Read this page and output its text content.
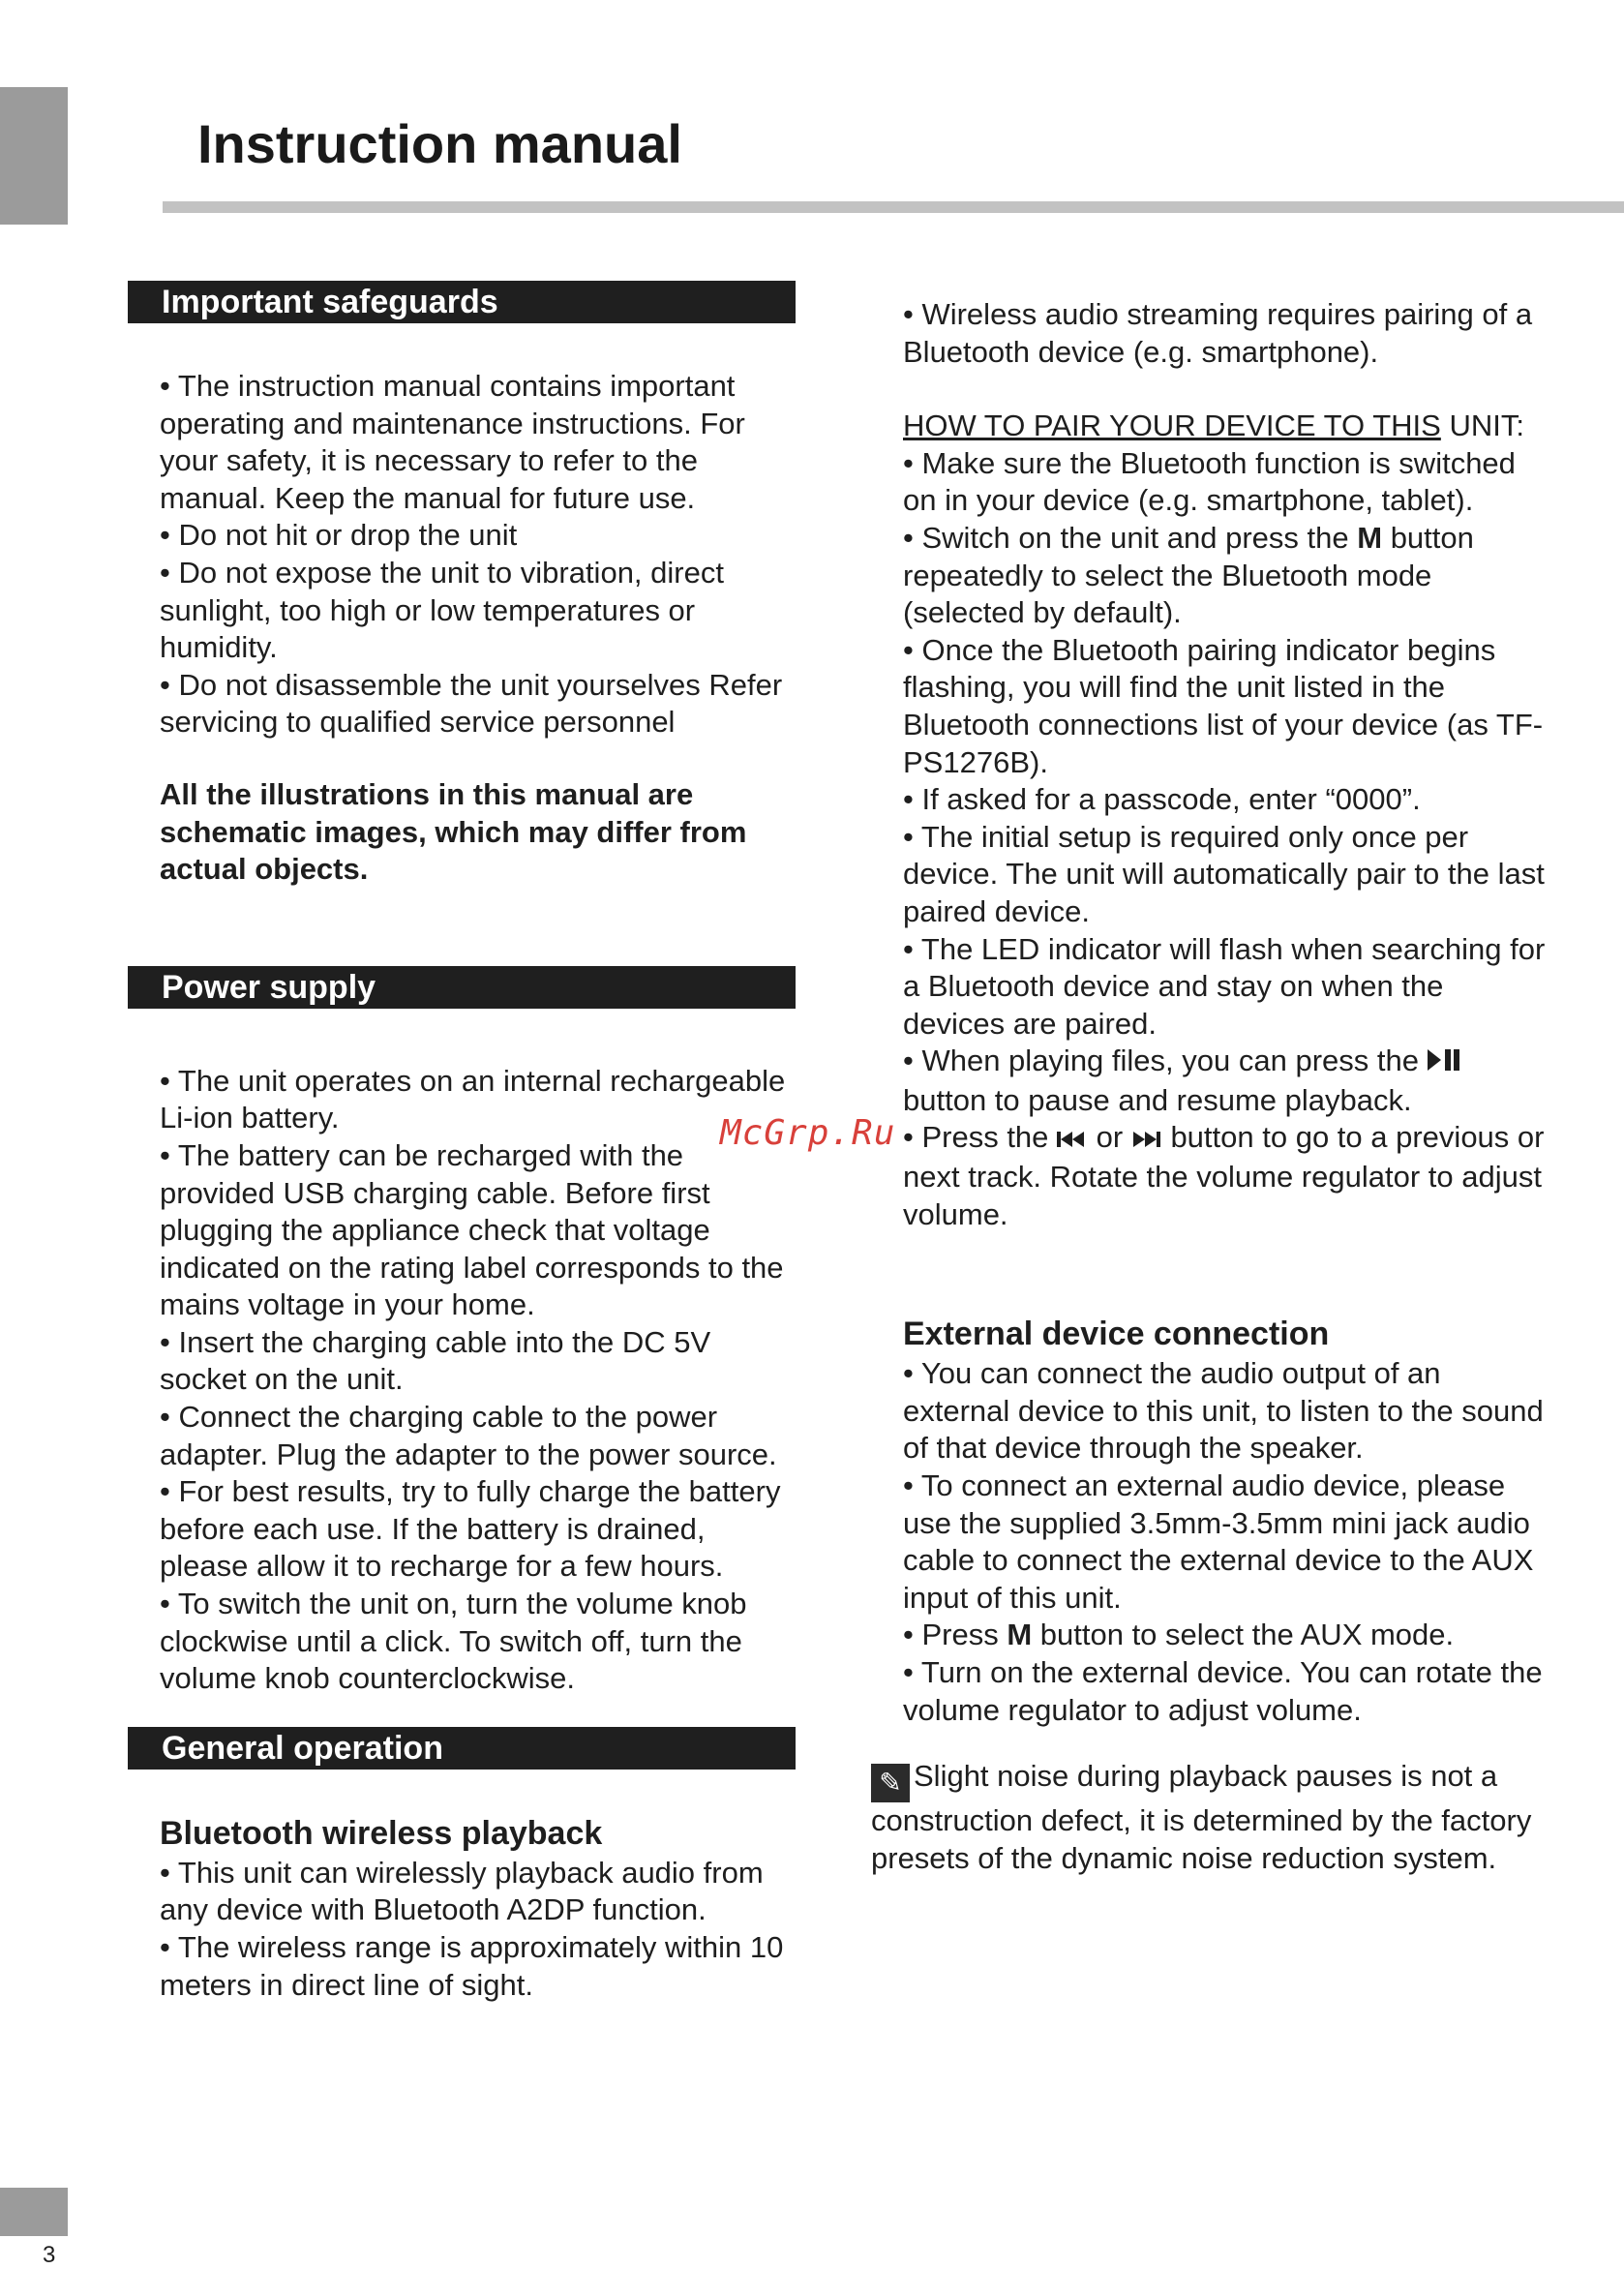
3
Instruction manual
McGrp.Ru
Important safeguards

• The instruction manual contains important operating and maintenance instructions. For your safety, it is necessary to refer to the manual. Keep the manual for future use.

• Do not hit or drop the unit

• Do not expose the unit to vibration, direct sunlight, too high or low temperatures or humidity.

• Do not disassemble the unit yourselves Refer servicing to qualified service personnel

All the illustrations in this manual are schematic images, which may differ from actual objects.

Power supply

• The unit operates on an internal rechargeable Li-ion battery.

• The battery can be recharged with the provided USB charging cable. Before first plugging the appliance check that voltage indicated on the rating label corresponds to the mains voltage in your home.

• Insert the charging cable into the DC 5V socket on the unit.

• Connect the charging cable to the power adapter. Plug the adapter to the power source.

• For best results, try to fully charge the battery before each use. If the battery is drained, please allow it to recharge for a few hours.

• To switch the unit on, turn the volume knob clockwise until a click. To switch off, turn the volume knob counterclockwise.

General operation

Bluetooth wireless playback

• This unit can wirelessly playback audio from any device with Bluetooth A2DP function.

• The wireless range is approximately within 10 meters in direct line of sight.

• Wireless audio streaming requires pairing of a Bluetooth device (e.g. smartphone).

HOW TO PAIR YOUR DEVICE TO THIS UNIT:

• Make sure the Bluetooth function is switched on in your device (e.g. smartphone, tablet).

• Switch on the unit and press the M button repeatedly to select the Bluetooth mode (selected by default).

• Once the Bluetooth pairing indicator begins flashing, you will find the unit listed in the Bluetooth connections list of your device (as TF-PS1276B).

• If asked for a passcode, enter “0000”.

• The initial setup is required only once per device. The unit will automatically pair to the last paired device.

• The LED indicator will flash when searching for a Bluetooth device and stay on when the devices are paired.

• When playing files, you can press the  button to pause and resume playback.

• Press the  or  button to go to a previous or next track. Rotate the volume regulator to adjust volume.

External device connection

• You can connect the audio output of an external device to this unit, to listen to the sound of that device through the speaker.

• To connect an external audio device, please use the supplied 3.5mm-3.5mm mini jack audio cable to connect the external device to the AUX input of this unit.

• Press M button to select the AUX mode.

• Turn on the external device. You can rotate the volume regulator to adjust volume.

✎ Slight noise during playback pauses is not a construction defect, it is determined by the factory presets of the dynamic noise reduction system.
